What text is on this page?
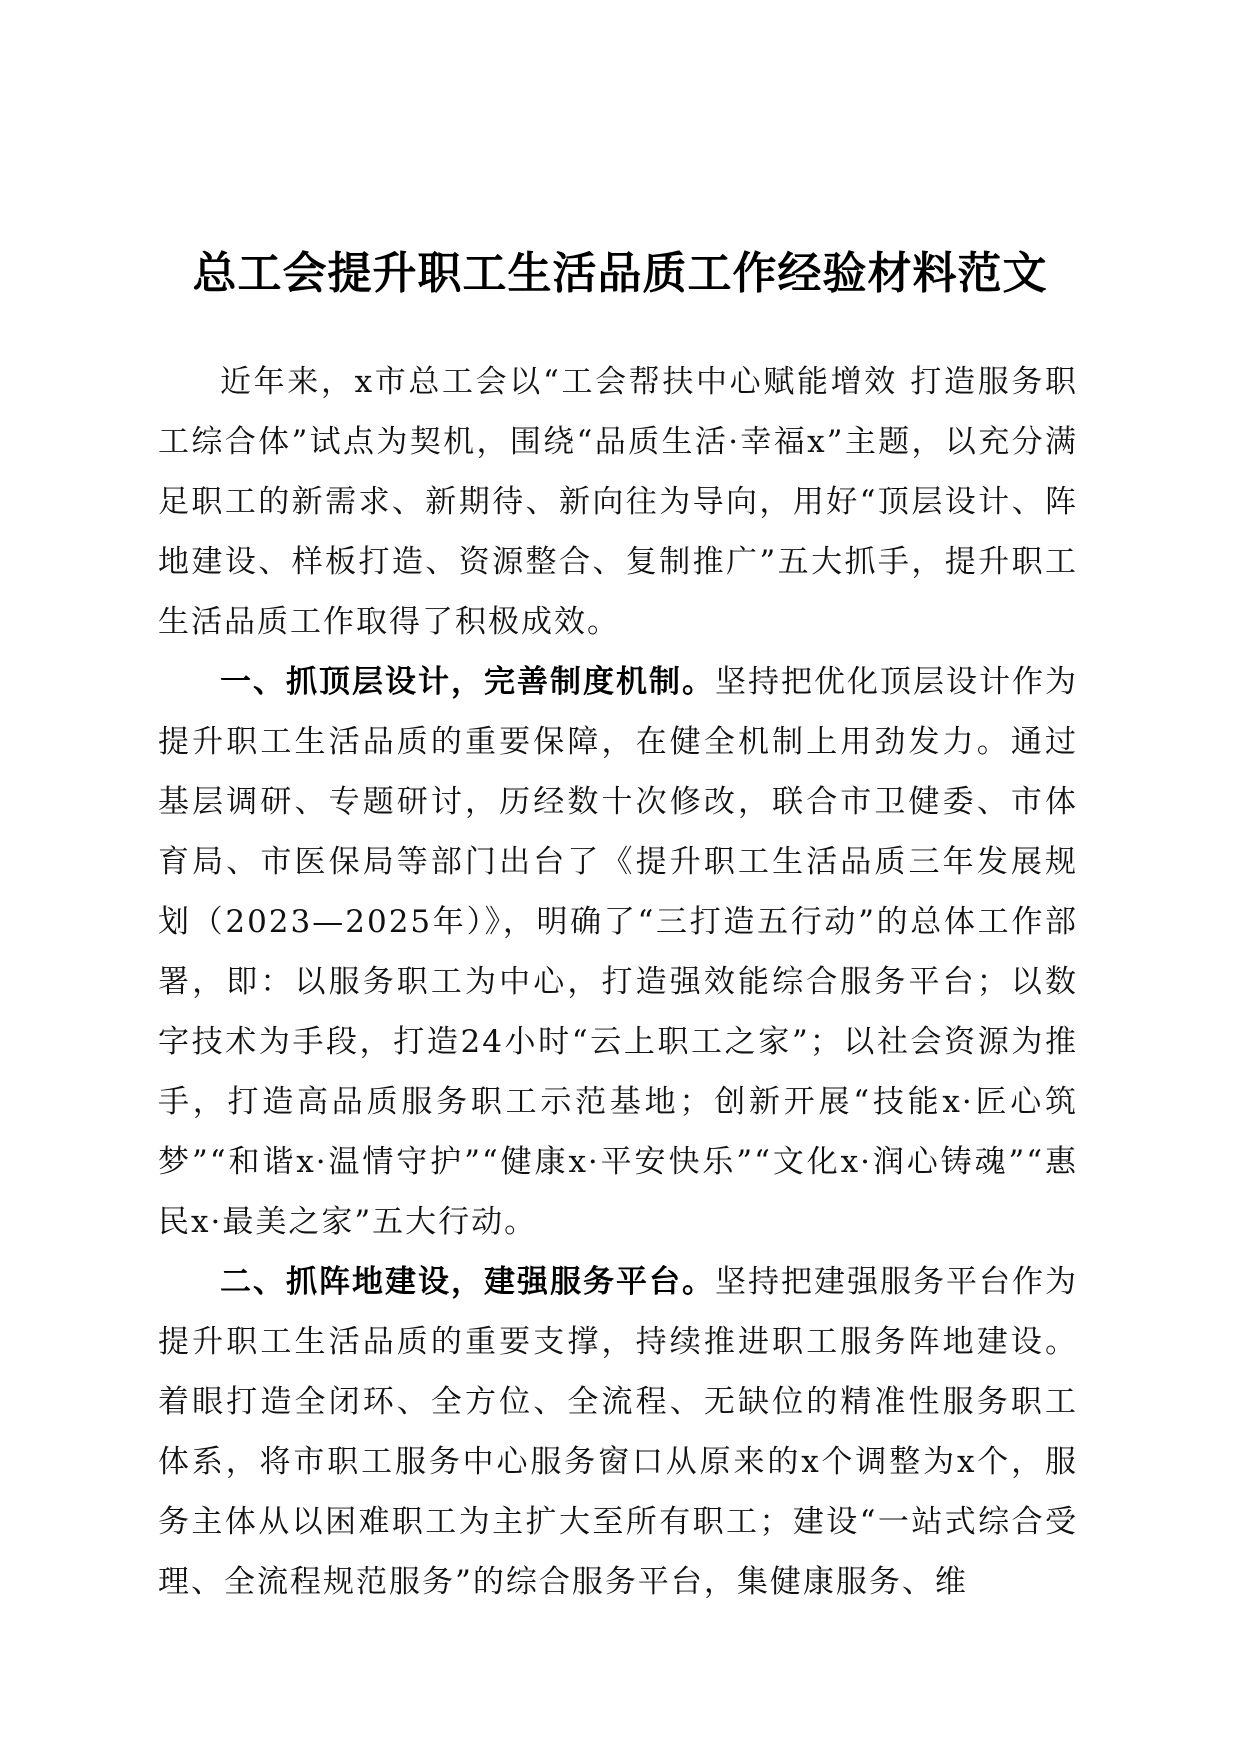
总工会提升职工生活品质工作经验材料范文

近年来，x市总工会以“工会帮扶中心赋能增效 打造服务职工综合体”试点为契机，围绕“品质生活·幸福x”主题，以充分满足职工的新需求、新期待、新向往为导向，用好“顶层设计、阵地建设、样板打造、资源整合、复制推广”五大抓手，提升职工生活品质工作取得了积极成效。

一、抓顶层设计，完善制度机制。坚持把优化顶层设计作为提升职工生活品质的重要保障，在健全机制上用劲发力。通过基层调研、专题研讨，历经数十次修改，联合市卫健委、市体育局、市医保局等部门出台了《提升职工生活品质三年发展规划（2023—2025年）》，明确了“三打造五行动”的总体工作部署，即：以服务职工为中心，打造强效能综合服务平台；以数字技术为手段，打造24小时“云上职工之家”；以社会资源为推手，打造高品质服务职工示范基地；创新开展“技能x·匠心筑梦”“和谐x·温情守护”“健康x·平安快乐”“文化x·润心铸魂”“惠民x·最美之家”五大行动。

二、抓阵地建设，建强服务平台。坚持把建强服务平台作为提升职工生活品质的重要支撑，持续推进职工服务阵地建设。着眼打造全闭环、全方位、全流程、无缺位的精准性服务职工体系，将市职工服务中心服务窗口从原来的x个调整为x个，服务主体从以困难职工为主扩大至所有职工；建设“一站式综合受理、全流程规范服务”的综合服务平台，集健康服务、维
